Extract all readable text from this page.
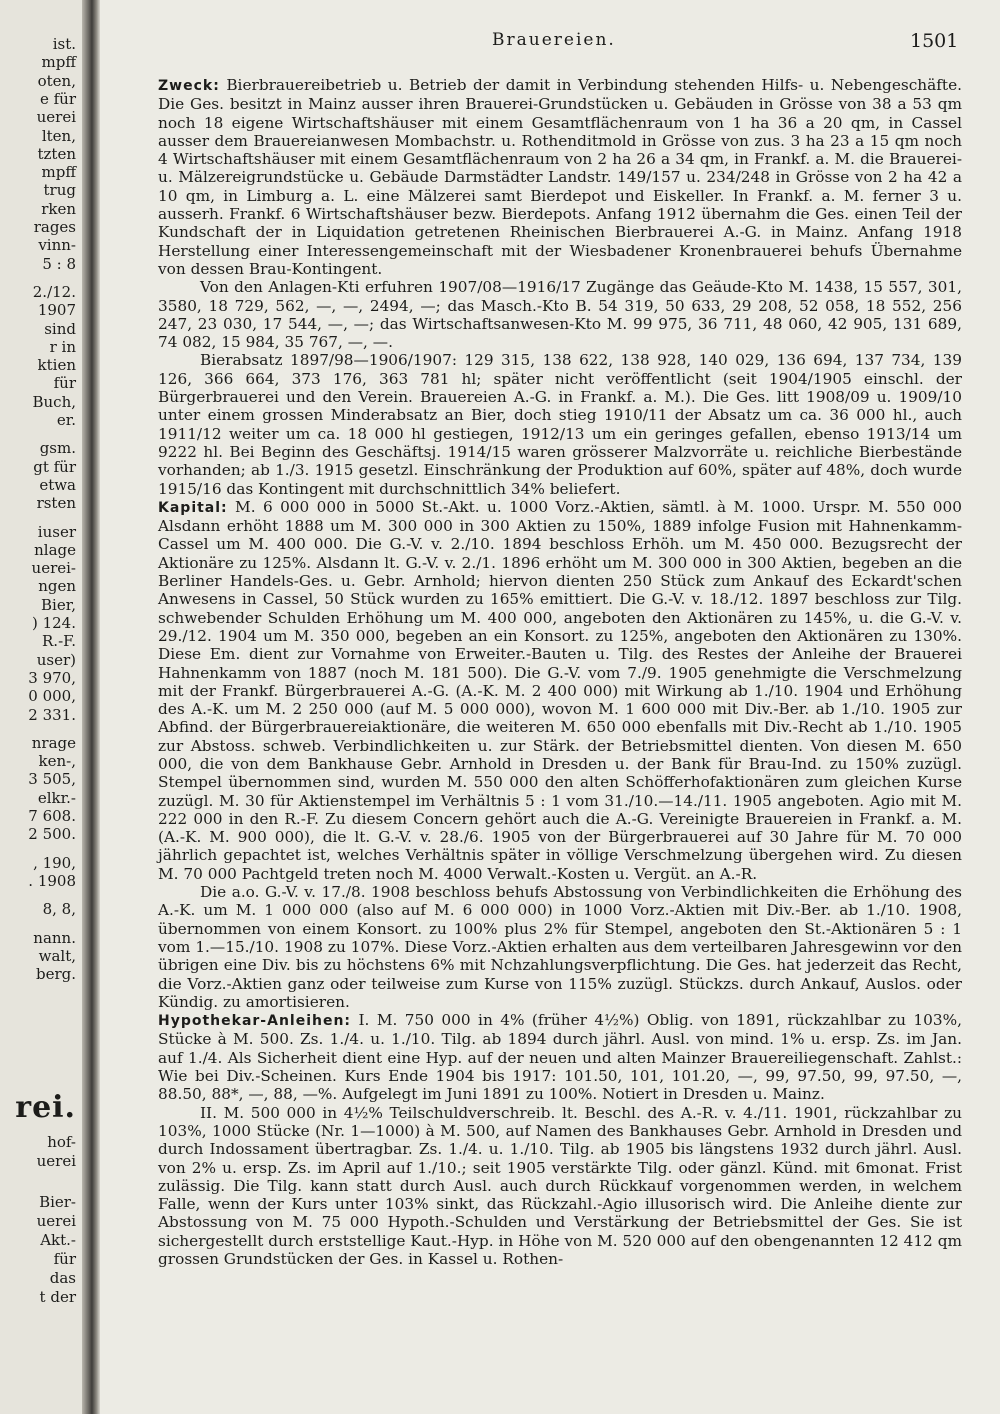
ist.
mpff
oten,
e für
uerei
lten,
tzten
mpff
trug
rken
rages
vinn-
5 : 8
2./12.
1907
sind
r in
ktien
für
Buch,
er.
gsm.
gt für
etwa
rsten
iuser
nlage
uerei-
ngen
Bier,
) 124.
R.-F.
user)
3 970,
0 000,
2 331.
nrage
ken-,
3 505,
elkr.-
7 608.
2 500.
, 190,
. 1908
8, 8,
nann.
walt,
berg.
rei.
hof-
uerei
Bier-
uerei
Akt.-
für
das
t der
Brauereien.	1501

Zweck: Bierbrauereibetrieb u. Betrieb der damit in Verbindung stehenden Hilfs- u. Nebengeschäfte. Die Ges. besitzt in Mainz ausser ihren Brauerei-Grundstücken u. Gebäuden in Grösse von 38 a 53 qm noch 18 eigene Wirtschaftshäuser mit einem Gesamtflächenraum von 1 ha 36 a 20 qm, in Cassel ausser dem Brauereianwesen Mombachstr. u. Rothenditmold in Grösse von zus. 3 ha 23 a 15 qm noch 4 Wirtschaftshäuser mit einem Gesamtflächenraum von 2 ha 26 a 34 qm, in Frankf. a. M. die Brauerei- u. Mälzereigrundstücke u. Gebäude Darmstädter Landstr. 149/157 u. 234/248 in Grösse von 2 ha 42 a 10 qm, in Limburg a. L. eine Mälzerei samt Bierdepot und Eiskeller. In Frankf. a. M. ferner 3 u. ausserh. Frankf. 6 Wirtschaftshäuser bezw. Bierdepots. Anfang 1912 übernahm die Ges. einen Teil der Kundschaft der in Liquidation getretenen Rheinischen Bierbrauerei A.-G. in Mainz. Anfang 1918 Herstellung einer Interessengemeinschaft mit der Wiesbadener Kronenbrauerei behufs Übernahme von dessen Brau-Kontingent.

Von den Anlagen-Kti erfuhren 1907/08—1916/17 Zugänge das Geäude-Kto M. 1438, 15 557, 301, 3580, 18 729, 562, —, —, 2494, —; das Masch.-Kto B. 54 319, 50 633, 29 208, 52 058, 18 552, 256 247, 23 030, 17 544, —, —; das Wirtschaftsanwesen-Kto M. 99 975, 36 711, 48 060, 42 905, 131 689, 74 082, 15 984, 35 767, —, —.

Bierabsatz 1897/98—1906/1907: 129 315, 138 622, 138 928, 140 029, 136 694, 137 734, 139 126, 366 664, 373 176, 363 781 hl; später nicht veröffentlicht (seit 1904/1905 einschl. der Bürgerbrauerei und den Verein. Brauereien A.-G. in Frankf. a. M.). Die Ges. litt 1908/09 u. 1909/10 unter einem grossen Minderabsatz an Bier, doch stieg 1910/11 der Absatz um ca. 36 000 hl., auch 1911/12 weiter um ca. 18 000 hl gestiegen, 1912/13 um ein geringes gefallen, ebenso 1913/14 um 9222 hl. Bei Beginn des Geschäftsj. 1914/15 waren grösserer Malzvorräte u. reichliche Bierbestände vorhanden; ab 1./3. 1915 gesetzl. Einschränkung der Produktion auf 60%, später auf 48%, doch wurde 1915/16 das Kontingent mit durchschnittlich 34% beliefert.

Kapital: M. 6 000 000 in 5000 St.-Akt. u. 1000 Vorz.-Aktien, sämtl. à M. 1000. Urspr. M. 550 000 Alsdann erhöht 1888 um M. 300 000 in 300 Aktien zu 150%, 1889 infolge Fusion mit Hahnenkamm-Cassel um M. 400 000. Die G.-V. v. 2./10. 1894 beschloss Erhöh. um M. 450 000. Bezugsrecht der Aktionäre zu 125%. Alsdann lt. G.-V. v. 2./1. 1896 erhöht um M. 300 000 in 300 Aktien, begeben an die Berliner Handels-Ges. u. Gebr. Arnhold; hiervon dienten 250 Stück zum Ankauf des Eckardt'schen Anwesens in Cassel, 50 Stück wurden zu 165% emittiert. Die G.-V. v. 18./12. 1897 beschloss zur Tilg. schwebender Schulden Erhöhung um M. 400 000, angeboten den Aktionären zu 145%, u. die G.-V. v. 29./12. 1904 um M. 350 000, begeben an ein Konsort. zu 125%, angeboten den Aktionären zu 130%. Diese Em. dient zur Vornahme von Erweiter.-Bauten u. Tilg. des Restes der Anleihe der Brauerei Hahnenkamm von 1887 (noch M. 181 500). Die G.-V. vom 7./9. 1905 genehmigte die Verschmelzung mit der Frankf. Bürgerbrauerei A.-G. (A.-K. M. 2 400 000) mit Wirkung ab 1./10. 1904 und Erhöhung des A.-K. um M. 2 250 000 (auf M. 5 000 000), wovon M. 1 600 000 mit Div.-Ber. ab 1./10. 1905 zur Abfind. der Bürgerbrauereiaktionäre, die weiteren M. 650 000 ebenfalls mit Div.-Recht ab 1./10. 1905 zur Abstoss. schweb. Verbindlichkeiten u. zur Stärk. der Betriebsmittel dienten. Von diesen M. 650 000, die von dem Bankhause Gebr. Arnhold in Dresden u. der Bank für Brau-Ind. zu 150% zuzügl. Stempel übernommen sind, wurden M. 550 000 den alten Schöfferhofaktionären zum gleichen Kurse zuzügl. M. 30 für Aktienstempel im Verhältnis 5 : 1 vom 31./10.—14./11. 1905 angeboten. Agio mit M. 222 000 in den R.-F. Zu diesem Concern gehört auch die A.-G. Vereinigte Brauereien in Frankf. a. M. (A.-K. M. 900 000), die lt. G.-V. v. 28./6. 1905 von der Bürgerbrauerei auf 30 Jahre für M. 70 000 jährlich gepachtet ist, welches Verhältnis später in völlige Verschmelzung übergehen wird. Zu diesen M. 70 000 Pachtgeld treten noch M. 4000 Verwalt.-Kosten u. Vergüt. an A.-R.

Die a.o. G.-V. v. 17./8. 1908 beschloss behufs Abstossung von Verbindlichkeiten die Erhöhung des A.-K. um M. 1 000 000 (also auf M. 6 000 000) in 1000 Vorz.-Aktien mit Div.-Ber. ab 1./10. 1908, übernommen von einem Konsort. zu 100% plus 2% für Stempel, angeboten den St.-Aktionären 5 : 1 vom 1.—15./10. 1908 zu 107%. Diese Vorz.-Aktien erhalten aus dem verteilbaren Jahresgewinn vor den übrigen eine Div. bis zu höchstens 6% mit Nchzahlungsverpflichtung. Die Ges. hat jederzeit das Recht, die Vorz.-Aktien ganz oder teilweise zum Kurse von 115% zuzügl. Stückzs. durch Ankauf, Auslos. oder Kündig. zu amortisieren.

Hypothekar-Anleihen: I. M. 750 000 in 4% (früher 4½%) Oblig. von 1891, rückzahlbar zu 103%, Stücke à M. 500. Zs. 1./4. u. 1./10. Tilg. ab 1894 durch jährl. Ausl. von mind. 1% u. ersp. Zs. im Jan. auf 1./4. Als Sicherheit dient eine Hyp. auf der neuen und alten Mainzer Brauereiliegenschaft. Zahlst.: Wie bei Div.-Scheinen. Kurs Ende 1904 bis 1917: 101.50, 101, 101.20, —, 99, 97.50, 99, 97.50, —, 88.50, 88*, —, 88, —%. Aufgelegt im Juni 1891 zu 100%. Notiert in Dresden u. Mainz.

II. M. 500 000 in 4½% Teilschuldverschreib. lt. Beschl. des A.-R. v. 4./11. 1901, rückzahlbar zu 103%, 1000 Stücke (Nr. 1—1000) à M. 500, auf Namen des Bankhauses Gebr. Arnhold in Dresden und durch Indossament übertragbar. Zs. 1./4. u. 1./10. Tilg. ab 1905 bis längstens 1932 durch jährl. Ausl. von 2% u. ersp. Zs. im April auf 1./10.; seit 1905 verstärkte Tilg. oder gänzl. Künd. mit 6monat. Frist zulässig. Die Tilg. kann statt durch Ausl. auch durch Rückkauf vorgenommen werden, in welchem Falle, wenn der Kurs unter 103% sinkt, das Rückzahl.-Agio illusorisch wird. Die Anleihe diente zur Abstossung von M. 75 000 Hypoth.-Schulden und Verstärkung der Betriebsmittel der Ges. Sie ist sichergestellt durch erststellige Kaut.-Hyp. in Höhe von M. 520 000 auf den obengenannten 12 412 qm grossen Grundstücken der Ges. in Kassel u. Rothen-
